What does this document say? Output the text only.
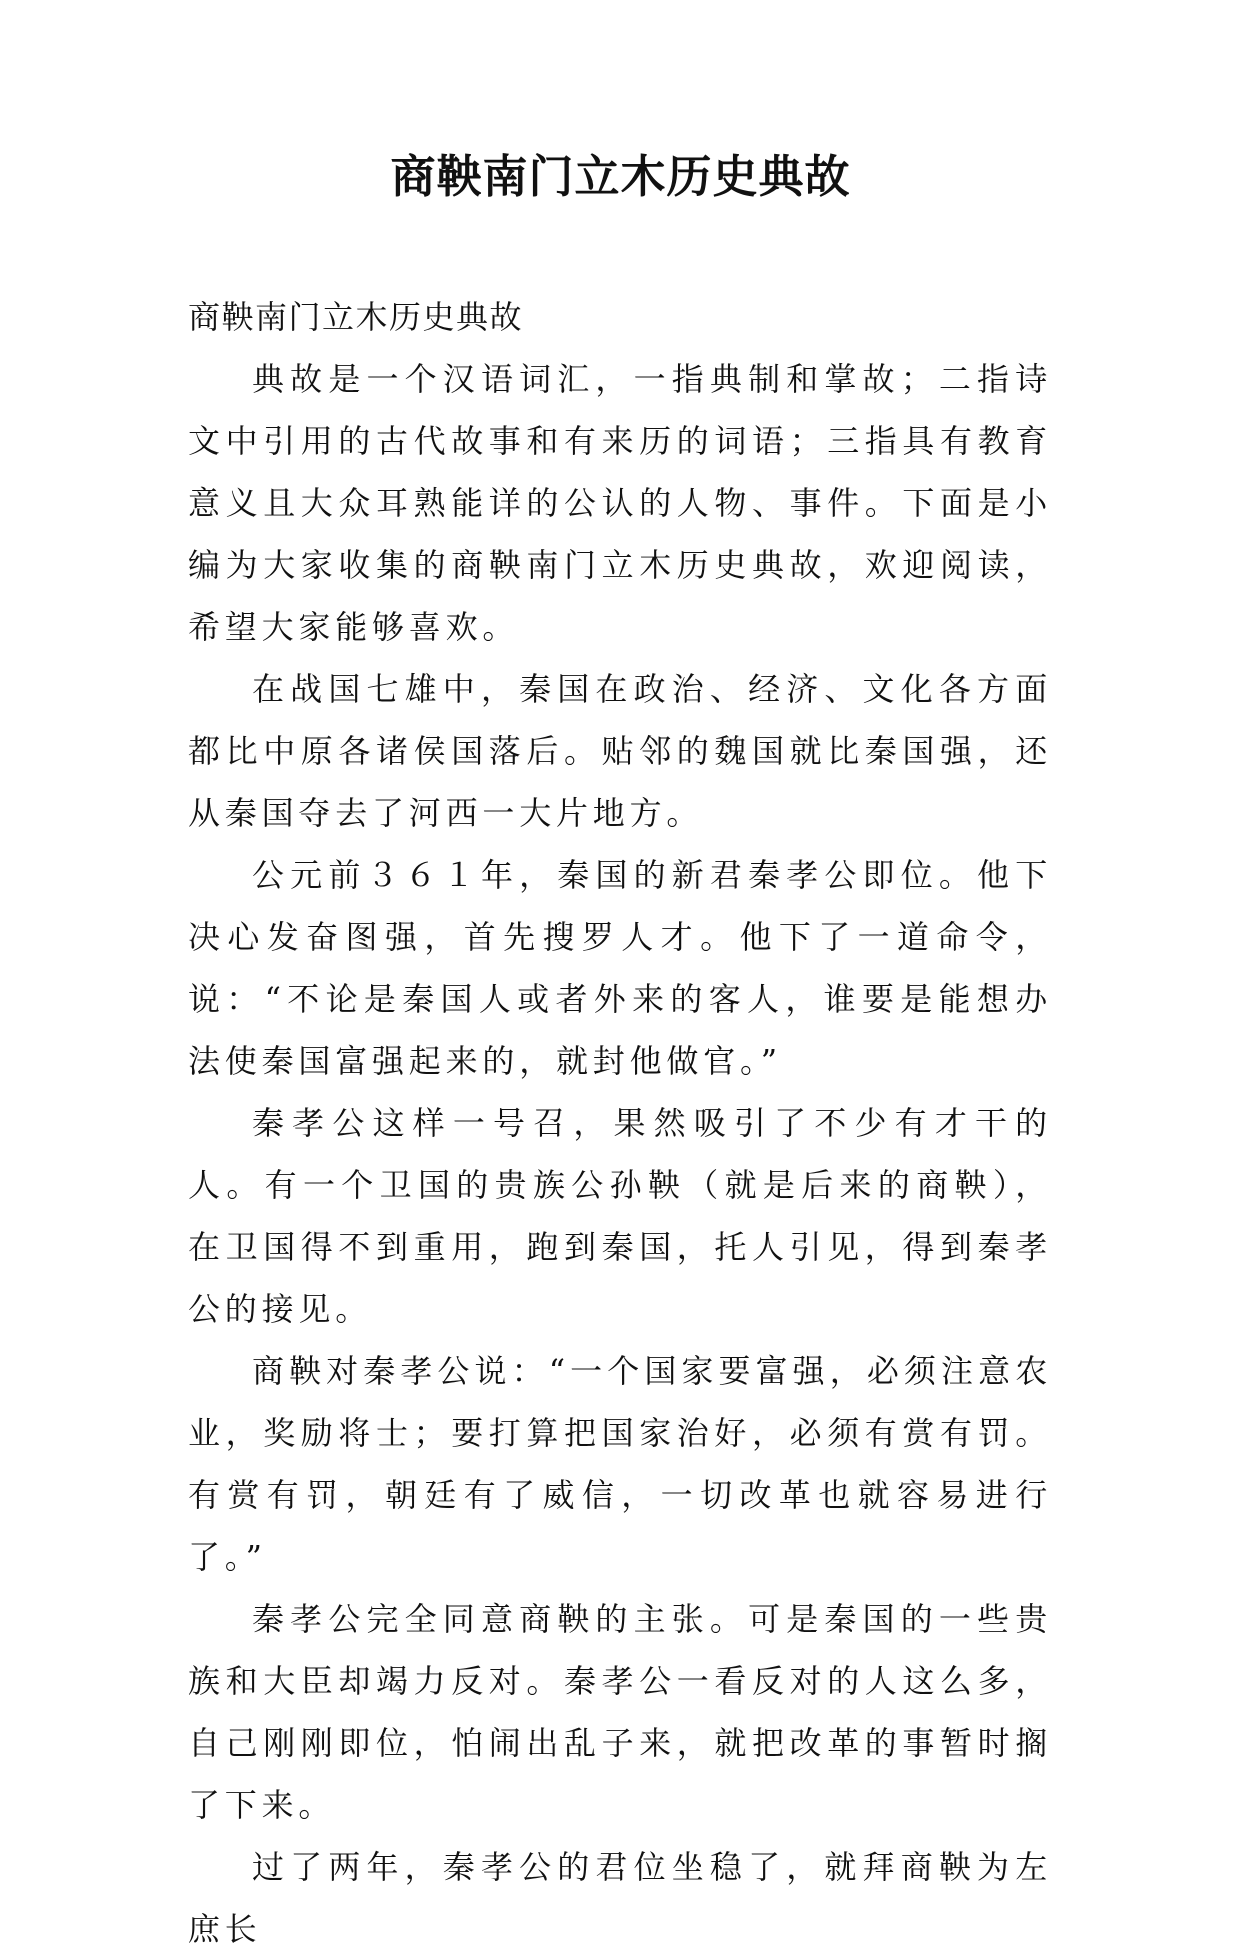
商鞅南门立木历史典故

商鞅南门立木历史典故

典故是一个汉语词汇，一指典制和掌故；二指诗文中引用的古代故事和有来历的词语；三指具有教育意义且大众耳熟能详的公认的人物、事件。下面是小编为大家收集的商鞅南门立木历史典故，欢迎阅读，希望大家能够喜欢。

在战国七雄中，秦国在政治、经济、文化各方面都比中原各诸侯国落后。贴邻的魏国就比秦国强，还从秦国夺去了河西一大片地方。

公元前３６１年，秦国的新君秦孝公即位。他下决心发奋图强，首先搜罗人才。他下了一道命令，说：“不论是秦国人或者外来的客人，谁要是能想办法使秦国富强起来的，就封他做官。”

秦孝公这样一号召，果然吸引了不少有才干的人。有一个卫国的贵族公孙鞅（就是后来的商鞅），在卫国得不到重用，跑到秦国，托人引见，得到秦孝公的接见。

商鞅对秦孝公说：“一个国家要富强，必须注意农业，奖励将士；要打算把国家治好，必须有赏有罚。有赏有罚，朝廷有了威信，一切改革也就容易进行了。”

秦孝公完全同意商鞅的主张。可是秦国的一些贵族和大臣却竭力反对。秦孝公一看反对的人这么多，自己刚刚即位，怕闹出乱子来，就把改革的事暂时搁了下来。

过了两年，秦孝公的君位坐稳了，就拜商鞅为左庶长
